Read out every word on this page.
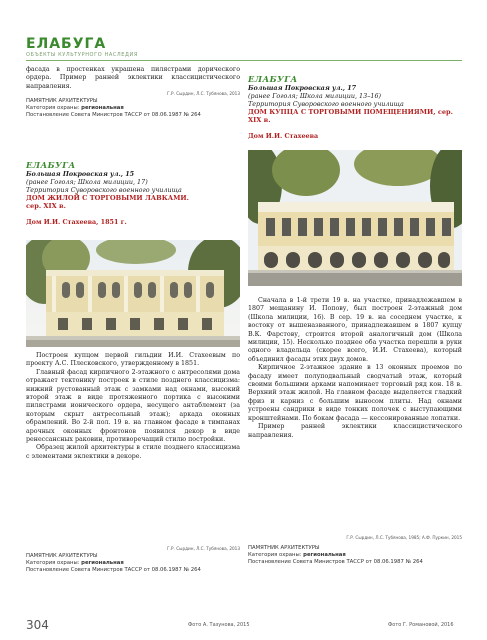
ЕЛАБУГА
ОБЪЕКТЫ КУЛЬТУРНОГО НАСЛЕДИЯ

фасада в простенках украшена пилястрами дорического ордера. Пример ранней эклектики классицистического направления.

Г.Р. Сырдин, Л.С. Тубянова, 2013
ПАМЯТНИК АРХИТЕКТУРЫ
Категория охраны: региональная
Постановление Совета Министров ТАССР от 08.06.1987 № 264
ЕЛАБУГА
Большая Покровская ул., 15
(ранее Гоголя; Школа милиции, 17)
Территория Суворовского военного училища
ДОМ ЖИЛОЙ С ТОРГОВЫМИ ЛАВКАМИ.
сер. XIX в.
Дом И.И. Стахеева, 1851 г.

Построен купцом первой гильдии И.И. Стахеевым по проекту А.С. Плесковского, утвержденному в 1851.

Главный фасад кирпичного 2-этажного с антресолями дома отражает тектонику построек в стиле позднего классицизма: нижний рустованный этаж с замками над окнами, высокий второй этаж в виде протяженного портика с высокими пилястрами ионического ордера, несущего антаблемент (за которым скрыт антресольный этаж); аркада оконных обрамлений. Во 2-й пол. 19 в. на главном фасаде в тимпанах арочных оконных фронтонов появился декор в виде ренессансных раковин, противоречащий стилю постройки.

Образец жилой архитектуры в стиле позднего классицизма с элементами эклектики в декоре.

Г.Р. Сырдин, Л.С. Тубянова, 2013
ПАМЯТНИК АРХИТЕКТУРЫ
Категория охраны: региональная
Постановление Совета Министров ТАССР от 08.06.1987 № 264
ЕЛАБУГА
Большая Покровская ул., 17
(ранее Гоголя; Школа милиции, 13–16)
Территория Суворовского военного училища
ДОМ КУПЦА С ТОРГОВЫМИ ПОМЕЩЕНИЯМИ, сер. XIX в.
Дом И.И. Стахеева

Сначала в 1-й трети 19 в. на участке, принадлежавшем в 1807 мещанину И. Попову, был построен 2-этажный дом (Школа милиции, 16). В сер. 19 в. на соседнем участке, к востоку от вышеназванного, принадлежавшем в 1807 купцу В.К. Фарстову, строится второй аналогичный дом (Школа милиции, 15). Несколько позднее оба участка перешли в руки одного владельца (скорее всего, И.И. Стахеева), который объединил фасады этих двух домов.

Кирпичное 2-этажное здание в 13 оконных проемов по фасаду имеет полуподвальный сводчатый этаж, который своими большими арками напоминает торговый ряд кон. 18 в. Верхний этаж жилой. На главном фасаде выделяется гладкий фриз и карниз с большим выносом плиты. Над окнами устроены сандрики в виде тонких полочек с выступающими кронштейнами. По бокам фасада — кессонированные лопатки.

Пример ранней эклектики классицистического направления.

Г.Р. Сырдин, Л.С. Тубянова, 1985; А.Ф. Пуркин, 2015
ПАМЯТНИК АРХИТЕКТУРЫ
Категория охраны: региональная
Постановление Совета Министров ТАССР от 08.06.1987 № 264
304	Фото А. Тазунова, 2015	Фото Г. Романовой, 2016
